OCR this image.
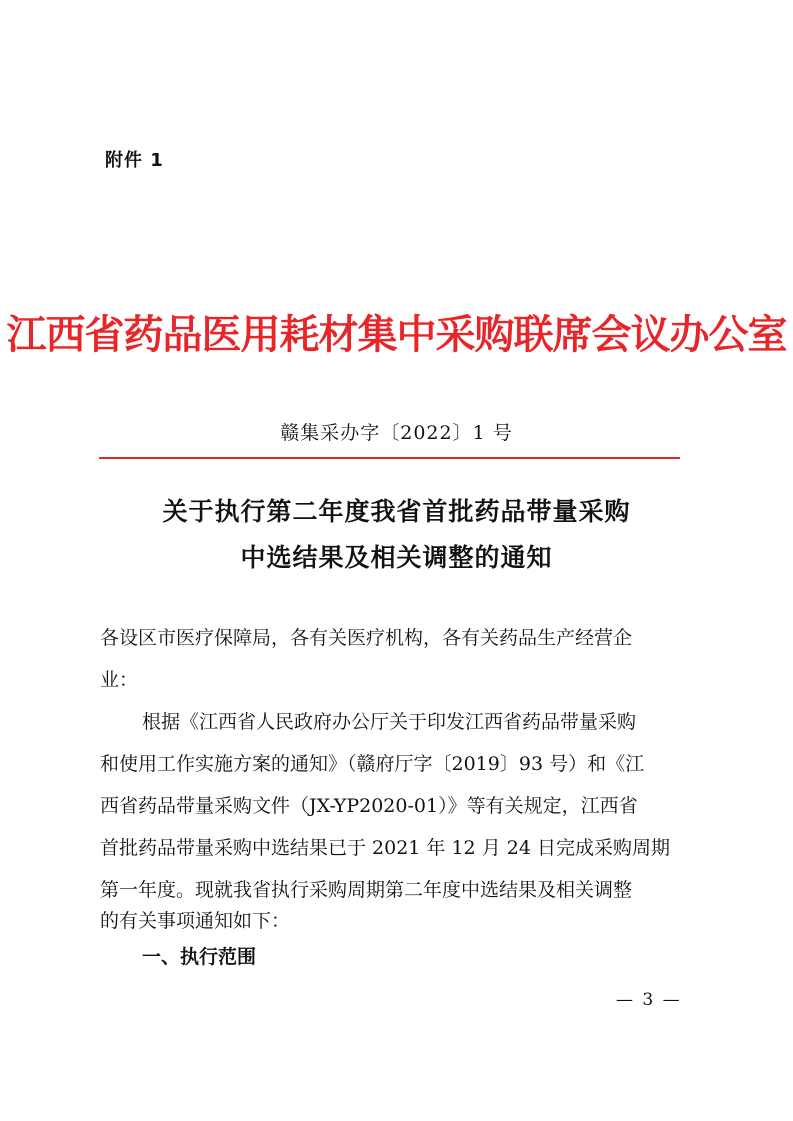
附件 1
江西省药品医用耗材集中采购联席会议办公室
赣集采办字〔2022〕1 号
关于执行第二年度我省首批药品带量采购
中选结果及相关调整的通知
各设区市医疗保障局，各有关医疗机构，各有关药品生产经营企
业：
根据《江西省人民政府办公厅关于印发江西省药品带量采购
和使用工作实施方案的通知》（赣府厅字〔2019〕93 号）和《江
西省药品带量采购文件（JX-YP2020-01）》等有关规定，江西省
首批药品带量采购中选结果已于 2021 年 12 月 24 日完成采购周期
第一年度。现就我省执行采购周期第二年度中选结果及相关调整
的有关事项通知如下：
一、执行范围
— 3 —
